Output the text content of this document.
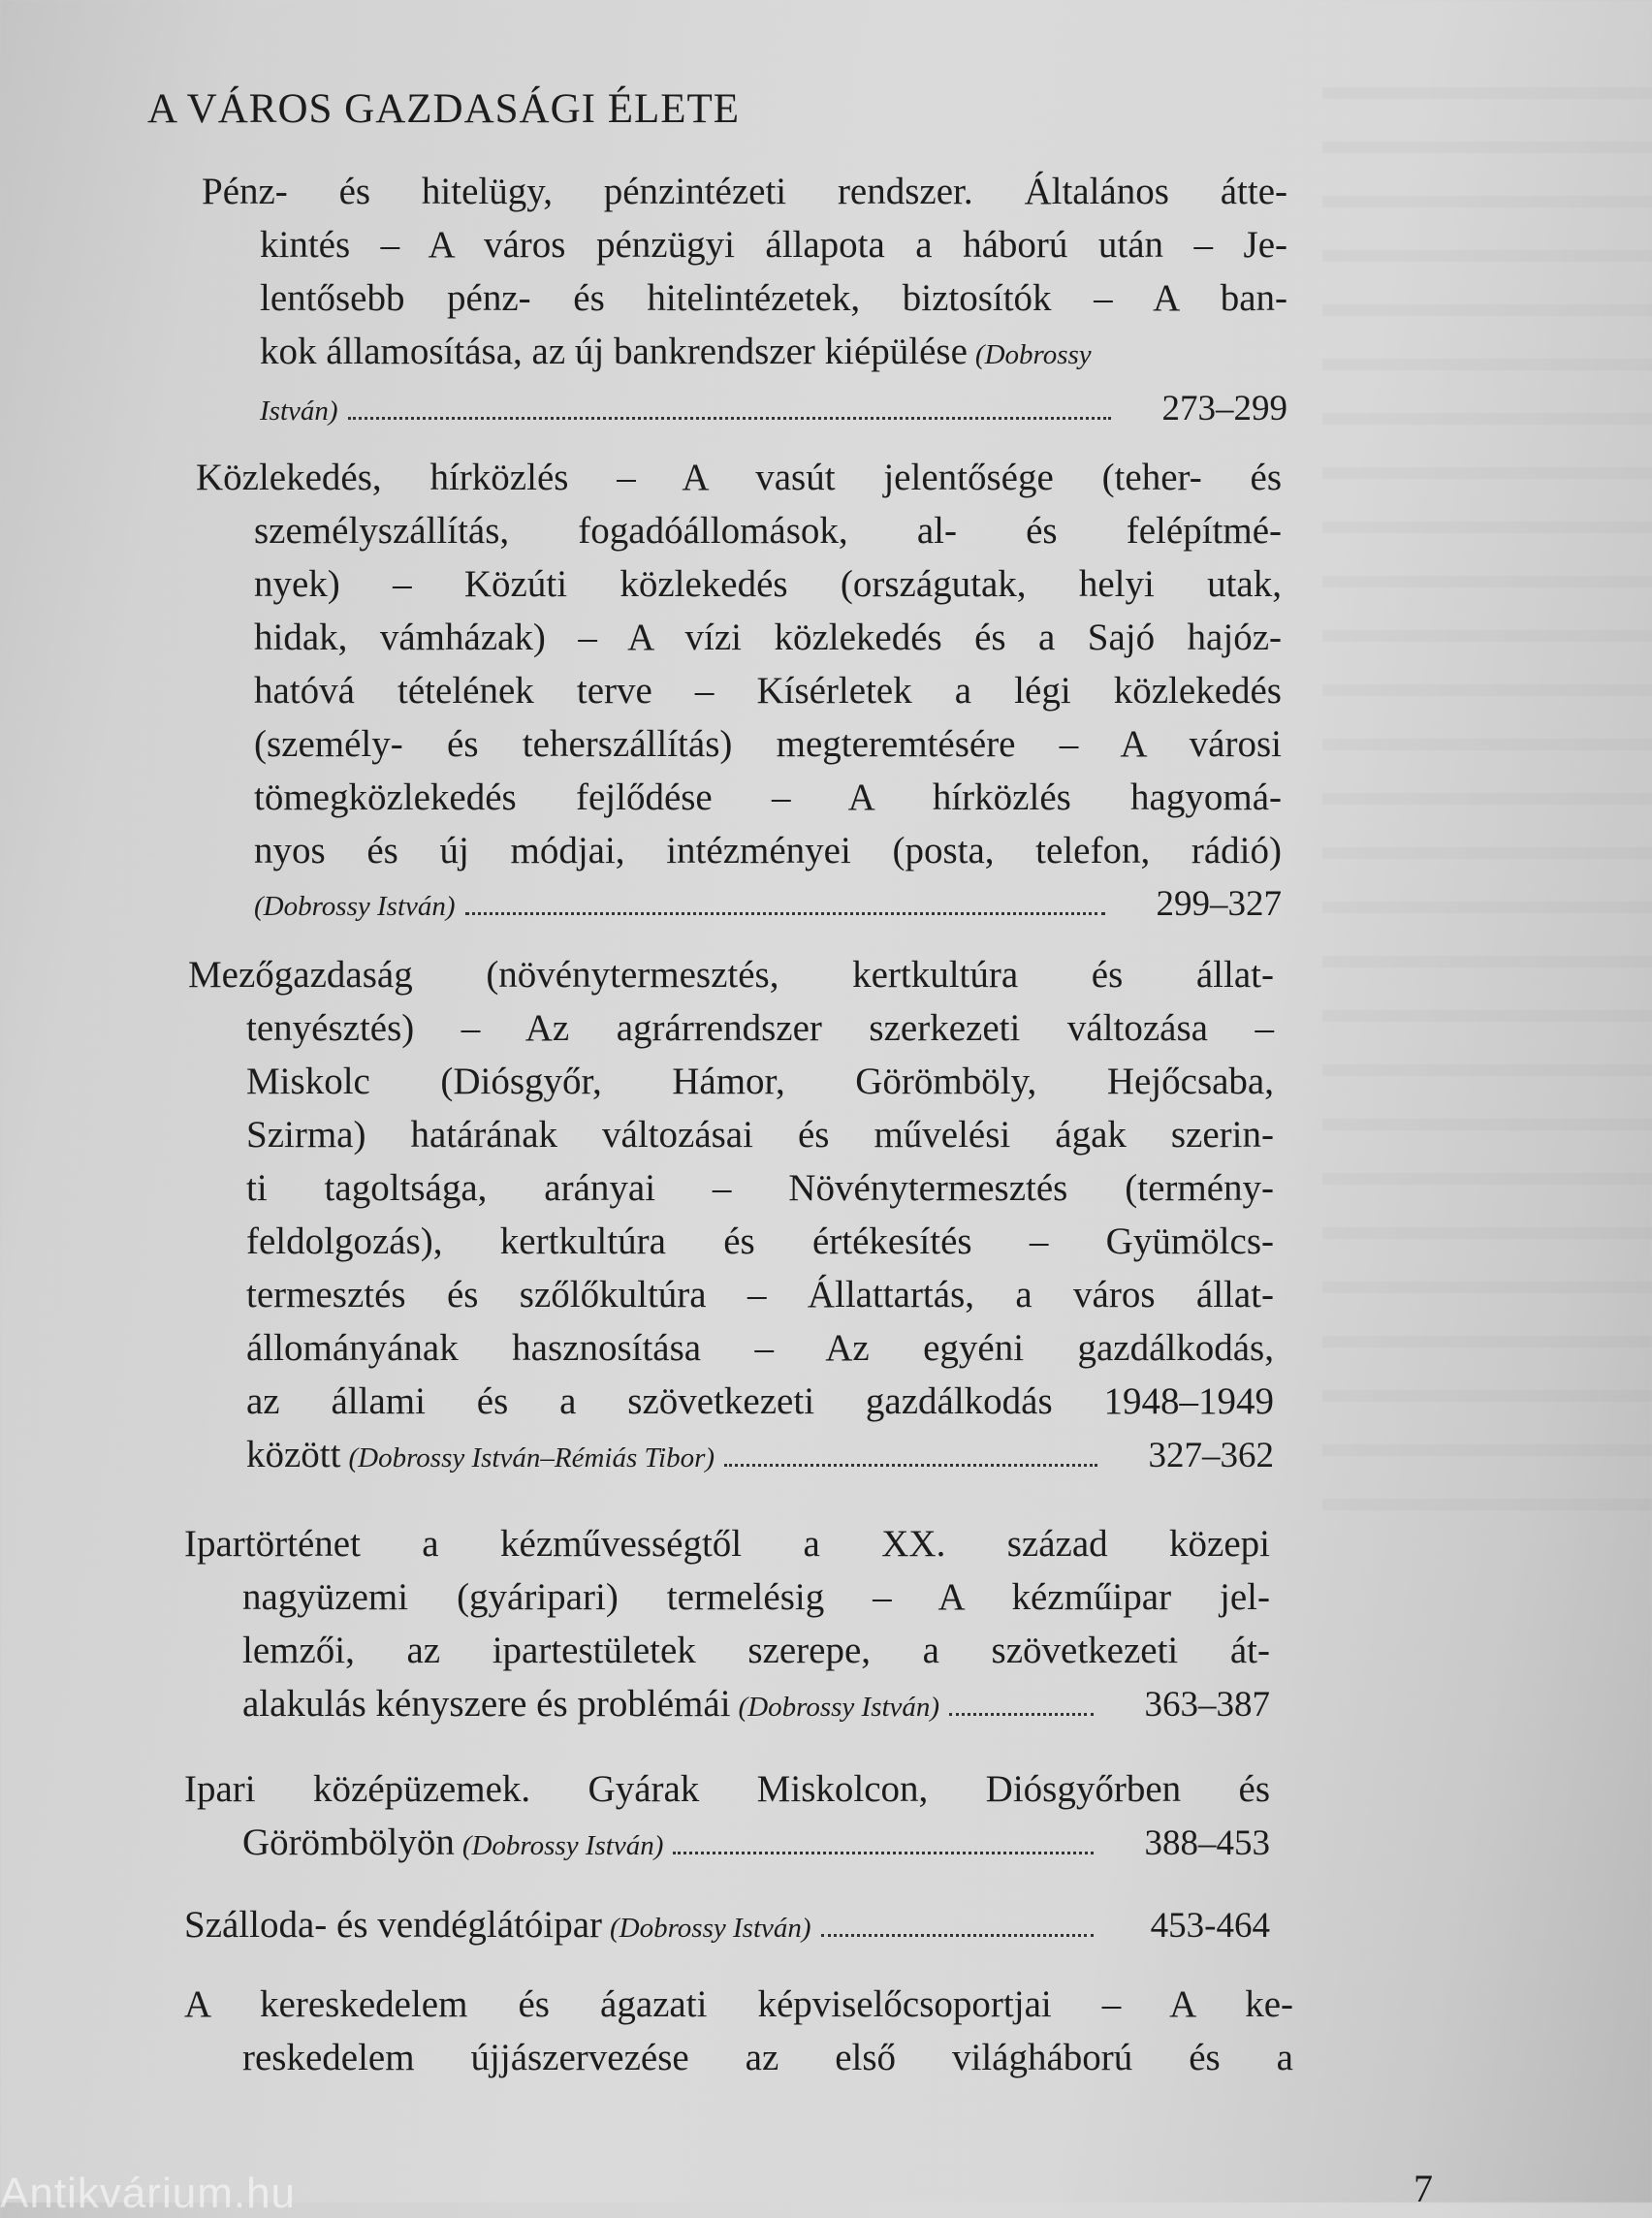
A VÁROS GAZDASÁGI ÉLETE
Pénz- és hitelügy, pénzintézeti rendszer. Általános átte-
kintés – A város pénzügyi állapota a háború után – Je-
lentősebb pénz- és hitelintézetek, biztosítók – A ban-
kok államosítása, az új bankrendszer kiépülése (Dobrossy
István)	273–299
Közlekedés, hírközlés – A vasút jelentősége (teher- és
személyszállítás, fogadóállomások, al- és felépítmé-
nyek) – Közúti közlekedés (országutak, helyi utak,
hidak, vámházak) – A vízi közlekedés és a Sajó hajóz-
hatóvá tételének terve – Kísérletek a légi közlekedés
(személy- és teherszállítás) megteremtésére – A városi
tömegközlekedés fejlődése – A hírközlés hagyomá-
nyos és új módjai, intézményei (posta, telefon, rádió)
(Dobrossy István)	299–327
Mezőgazdaság (növénytermesztés, kertkultúra és állat-
tenyésztés) – Az agrárrendszer szerkezeti változása –
Miskolc (Diósgyőr, Hámor, Görömböly, Hejőcsaba,
Szirma) határának változásai és művelési ágak szerin-
ti tagoltsága, arányai – Növénytermesztés (termény-
feldolgozás), kertkultúra és értékesítés – Gyümölcs-
termesztés és szőlőkultúra – Állattartás, a város állat-
állományának hasznosítása – Az egyéni gazdálkodás,
az állami és a szövetkezeti gazdálkodás 1948–1949
között (Dobrossy István–Rémiás Tibor)	327–362
Ipartörténet a kézművességtől a XX. század közepi
nagyüzemi (gyáripari) termelésig – A kézműipar jel-
lemzői, az ipartestületek szerepe, a szövetkezeti át-
alakulás kényszere és problémái (Dobrossy István)	363–387
Ipari középüzemek. Gyárak Miskolcon, Diósgyőrben és
Görömbölyön (Dobrossy István)	388–453
Szálloda- és vendéglátóipar (Dobrossy István)	453-464
A kereskedelem és ágazati képviselőcsoportjai – A ke-
reskedelem újjászervezése az első világháború és a
7
Antikvárium.hu
